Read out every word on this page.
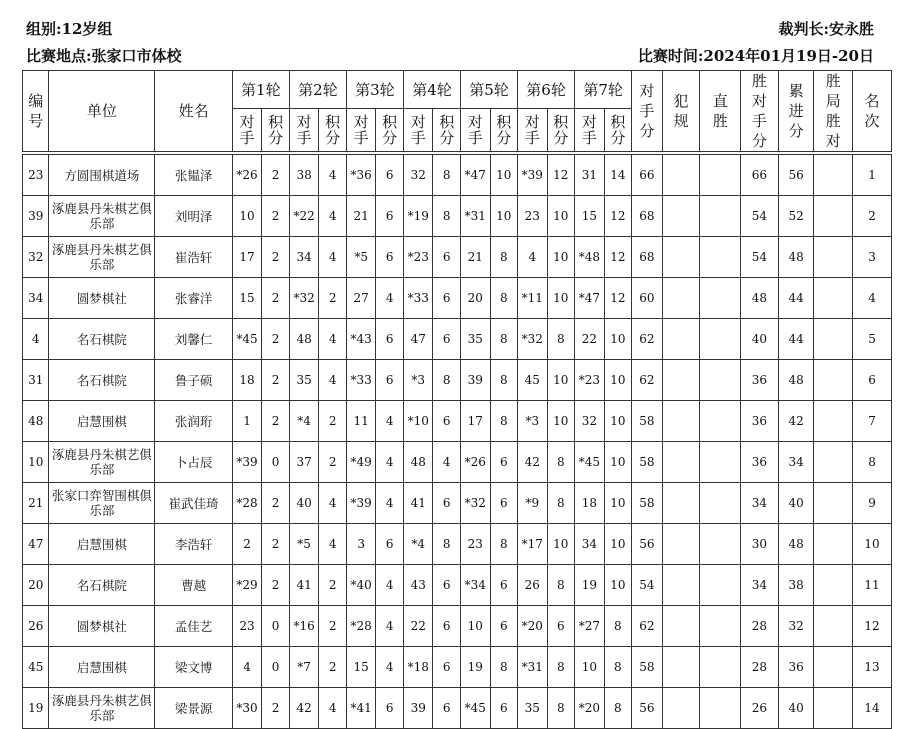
组别:12岁组	裁判长:安永胜
比赛地点:张家口市体校	比赛时间:2024年01月19日-20日
编号	单位	姓名	第1轮		第2轮		第3轮		第4轮		第5轮		第6轮		第7轮		对手分	犯规	直胜	胜对手分	累进分	胜局胜对	名次
			对手	积分	对手	积分	对手	积分	对手	积分	对手	积分	对手	积分	对手	积分							

23	方圆围棋道场	张韫泽	*26	2	38	4	*36	6	32	8	*47	10	*39	12	31	14	66			66	56		1
39	涿鹿县丹朱棋艺俱乐部	刘明泽	10	2	*22	4	21	6	*19	8	*31	10	23	10	15	12	68			54	52		2
32	涿鹿县丹朱棋艺俱乐部	崔浩轩	17	2	34	4	*5	6	*23	6	21	8	4	10	*48	12	68			54	48		3
34	圆梦棋社	张睿洋	15	2	*32	2	27	4	*33	6	20	8	*11	10	*47	12	60			48	44		4
4	名石棋院	刘馨仁	*45	2	48	4	*43	6	47	6	35	8	*32	8	22	10	62			40	44		5
31	名石棋院	鲁子硕	18	2	35	4	*33	6	*3	8	39	8	45	10	*23	10	62			36	48		6
48	启慧围棋	张润珩	1	2	*4	2	11	4	*10	6	17	8	*3	10	32	10	58			36	42		7
10	涿鹿县丹朱棋艺俱乐部	卜占辰	*39	0	37	2	*49	4	48	4	*26	6	42	8	*45	10	58			36	34		8
21	张家口弈智围棋俱乐部	崔武佳琦	*28	2	40	4	*39	4	41	6	*32	6	*9	8	18	10	58			34	40		9
47	启慧围棋	李浩轩	2	2	*5	4	3	6	*4	8	23	8	*17	10	34	10	56			30	48		10
20	名石棋院	曹越	*29	2	41	2	*40	4	43	6	*34	6	26	8	19	10	54			34	38		11
26	圆梦棋社	孟佳艺	23	0	*16	2	*28	4	22	6	10	6	*20	6	*27	8	62			28	32		12
45	启慧围棋	梁文博	4	0	*7	2	15	4	*18	6	19	8	*31	8	10	8	58			28	36		13
19	涿鹿县丹朱棋艺俱乐部	梁景源	*30	2	42	4	*41	6	39	6	*45	6	35	8	*20	8	56			26	40		14
